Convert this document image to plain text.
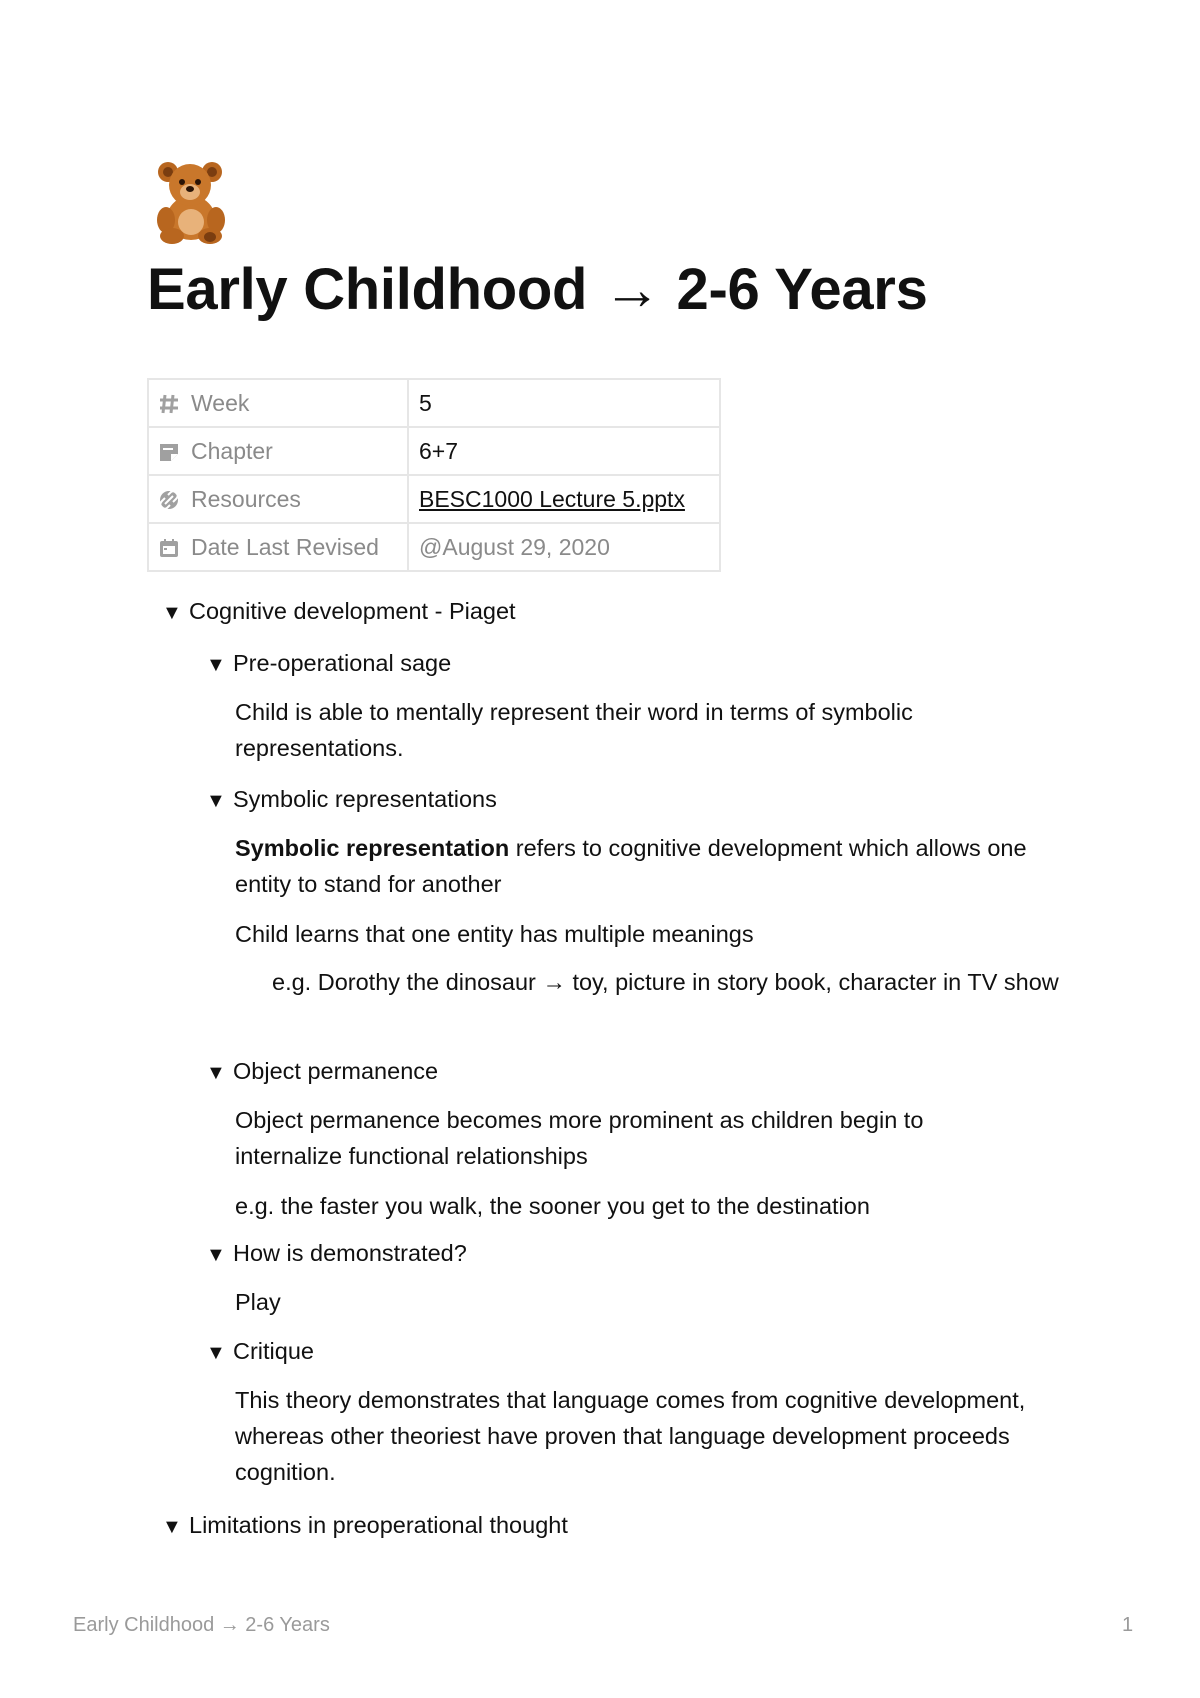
Early Childhood → 2-6 Years
Week	5

Chapter	6+7

Resources	BESC1000 Lecture 5.pptx

Date Last Revised	@August 29, 2020
▼ Cognitive development - Piaget
▼ Pre-operational sage
Child is able to mentally represent their word in terms of symbolic representations.
▼ Symbolic representations
Symbolic representation refers to cognitive development which allows one entity to stand for another
Child learns that one entity has multiple meanings
e.g. Dorothy the dinosaur → toy, picture in story book, character in TV show
▼ Object permanence
Object permanence becomes more prominent as children begin to internalize functional relationships
e.g. the faster you walk, the sooner you get to the destination
▼ How is demonstrated?
Play
▼ Critique
This theory demonstrates that language comes from cognitive development, whereas other theoriest have proven that language development proceeds cognition.
▼ Limitations in preoperational thought
Early Childhood → 2-6 Years	1
